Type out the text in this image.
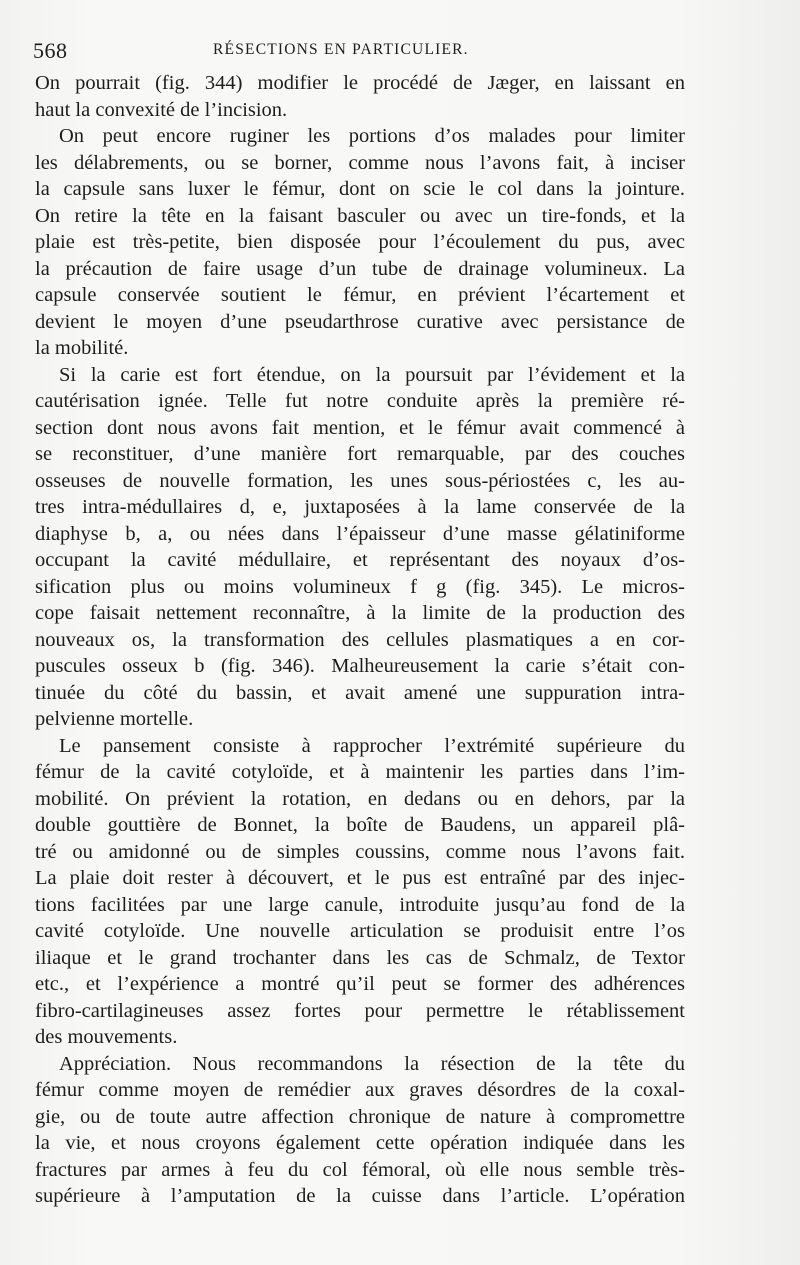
568	RÉSECTIONS EN PARTICULIER.
On pourrait (fig. 344) modifier le procédé de Jæger, en laissant en
haut la convexité de l’incision.
On peut encore ruginer les portions d’os malades pour limiter
les délabrements, ou se borner, comme nous l’avons fait, à inciser
la capsule sans luxer le fémur, dont on scie le col dans la jointure.
On retire la tête en la faisant basculer ou avec un tire-fonds, et la
plaie est très-petite, bien disposée pour l’écoulement du pus, avec
la précaution de faire usage d’un tube de drainage volumineux. La
capsule conservée soutient le fémur, en prévient l’écartement et
devient le moyen d’une pseudarthrose curative avec persistance de
la mobilité.
Si la carie est fort étendue, on la poursuit par l’évidement et la
cautérisation ignée. Telle fut notre conduite après la première ré-
section dont nous avons fait mention, et le fémur avait commencé à
se reconstituer, d’une manière fort remarquable, par des couches
osseuses de nouvelle formation, les unes sous-périostées c, les au-
tres intra-médullaires d, e, juxtaposées à la lame conservée de la
diaphyse b, a, ou nées dans l’épaisseur d’une masse gélatiniforme
occupant la cavité médullaire, et représentant des noyaux d’os-
sification plus ou moins volumineux f g (fig. 345). Le micros-
cope faisait nettement reconnaître, à la limite de la production des
nouveaux os, la transformation des cellules plasmatiques a en cor-
puscules osseux b (fig. 346). Malheureusement la carie s’était con-
tinuée du côté du bassin, et avait amené une suppuration intra-
pelvienne mortelle.
Le pansement consiste à rapprocher l’extrémité supérieure du
fémur de la cavité cotyloïde, et à maintenir les parties dans l’im-
mobilité. On prévient la rotation, en dedans ou en dehors, par la
double gouttière de Bonnet, la boîte de Baudens, un appareil plâ-
tré ou amidonné ou de simples coussins, comme nous l’avons fait.
La plaie doit rester à découvert, et le pus est entraîné par des injec-
tions facilitées par une large canule, introduite jusqu’au fond de la
cavité cotyloïde. Une nouvelle articulation se produisit entre l’os
iliaque et le grand trochanter dans les cas de Schmalz, de Textor
etc., et l’expérience a montré qu’il peut se former des adhérences
fibro-cartilagineuses assez fortes pour permettre le rétablissement
des mouvements.
Appréciation. Nous recommandons la résection de la tête du
fémur comme moyen de remédier aux graves désordres de la coxal-
gie, ou de toute autre affection chronique de nature à compromettre
la vie, et nous croyons également cette opération indiquée dans les
fractures par armes à feu du col fémoral, où elle nous semble très-
supérieure à l’amputation de la cuisse dans l’article. L’opération
